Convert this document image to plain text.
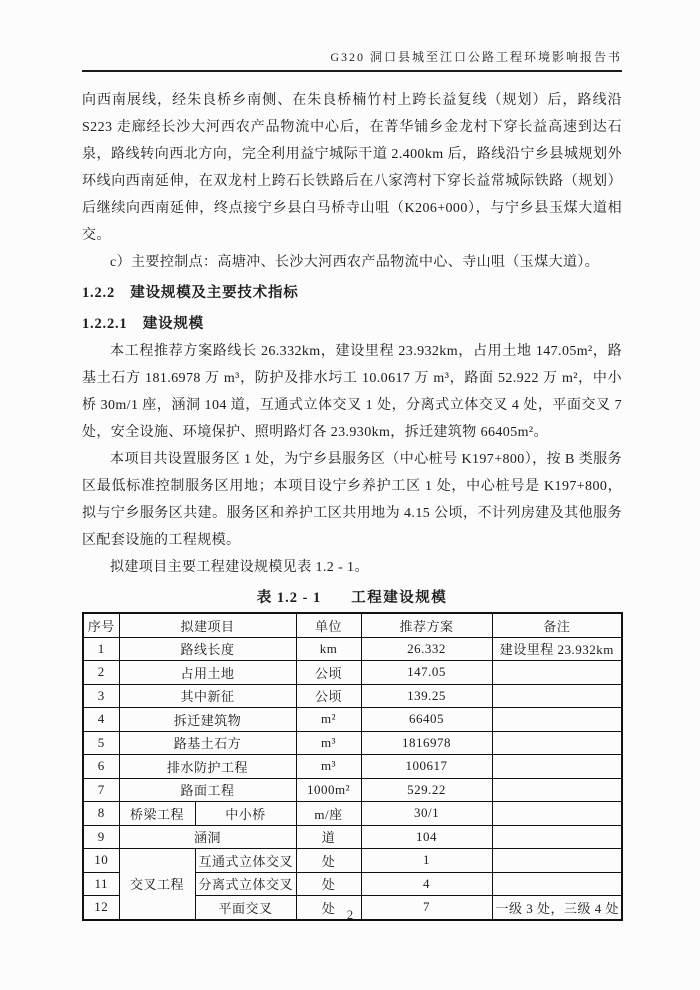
G320 洞口县城至江口公路工程环境影响报告书

向西南展线，经朱良桥乡南侧、在朱良桥楠竹村上跨长益复线（规划）后，路线沿 S223 走廊经长沙大河西农产品物流中心后，在菁华铺乡金龙村下穿长益高速到达石泉，路线转向西北方向，完全利用益宁城际干道 2.400km 后，路线沿宁乡县城规划外环线向西南延伸，在双龙村上跨石长铁路后在八家湾村下穿长益常城际铁路（规划）后继续向西南延伸，终点接宁乡县白马桥寺山咀（K206+000），与宁乡县玉煤大道相交。

c）主要控制点：高塘冲、长沙大河西农产品物流中心、寺山咀（玉煤大道）。

1.2.2　建设规模及主要技术指标
1.2.2.1　建设规模

本工程推荐方案路线长 26.332km，建设里程 23.932km，占用土地 147.05m²，路基土石方 181.6978 万 m³，防护及排水圬工 10.0617 万 m³，路面 52.922 万 m²，中小桥 30m/1 座，涵洞 104 道，互通式立体交叉 1 处，分离式立体交叉 4 处，平面交叉 7 处，安全设施、环境保护、照明路灯各 23.930km，拆迁建筑物 66405m²。

本项目共设置服务区 1 处，为宁乡县服务区（中心桩号 K197+800），按 B 类服务区最低标准控制服务区用地；本项目设宁乡养护工区 1 处，中心桩号是 K197+800，拟与宁乡服务区共建。服务区和养护工区共用地为 4.15 公顷，不计列房建及其他服务区配套设施的工程规模。

拟建项目主要工程建设规模见表 1.2 - 1。

表 1.2 - 1 工程建设规模
序号	拟建项目		单位	推荐方案	备注
1	路线长度		km	26.332	建设里程 23.932km
2	占用土地		公顷	147.05	
3	其中新征		公顷	139.25	
4	拆迁建筑物		m²	66405	
5	路基土石方		m³	1816978	
6	排水防护工程		m³	100617	
7	路面工程		1000m²	529.22	
8	桥梁工程	中小桥	m/座	30/1	
9	涵洞		道	104	
10	交叉工程	互通式立体交叉	处	1	
11		分离式立体交叉	处	4	
12		平面交叉	处	7	一级 3 处，三级 4 处
2
